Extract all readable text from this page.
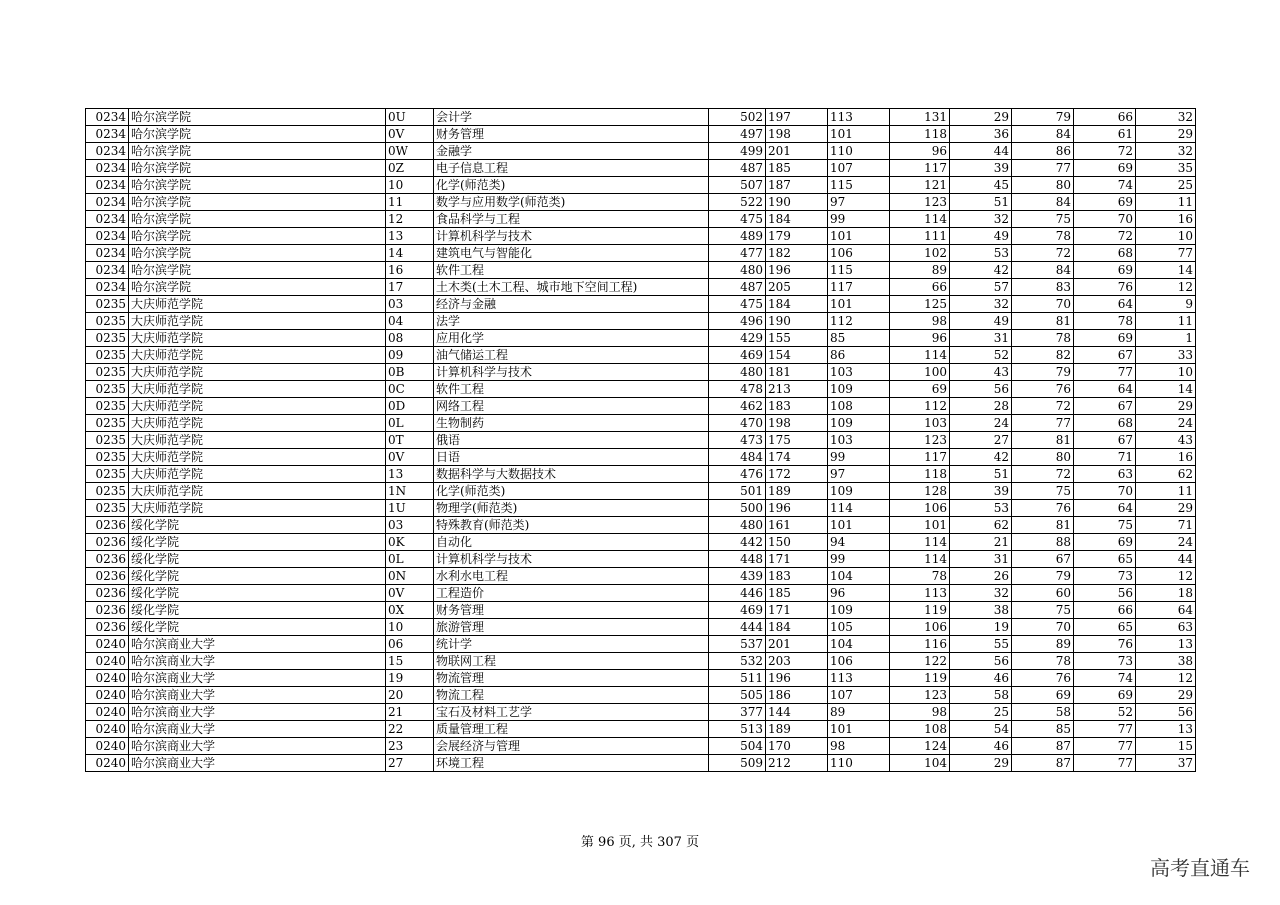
0234	哈尔滨学院	0U	会计学	502	197	113	131	29	79	66	32
0234	哈尔滨学院	0V	财务管理	497	198	101	118	36	84	61	29
0234	哈尔滨学院	0W	金融学	499	201	110	96	44	86	72	32
0234	哈尔滨学院	0Z	电子信息工程	487	185	107	117	39	77	69	35
0234	哈尔滨学院	10	化学(师范类)	507	187	115	121	45	80	74	25
0234	哈尔滨学院	11	数学与应用数学(师范类)	522	190	97	123	51	84	69	11
0234	哈尔滨学院	12	食品科学与工程	475	184	99	114	32	75	70	16
0234	哈尔滨学院	13	计算机科学与技术	489	179	101	111	49	78	72	10
0234	哈尔滨学院	14	建筑电气与智能化	477	182	106	102	53	72	68	77
0234	哈尔滨学院	16	软件工程	480	196	115	89	42	84	69	14
0234	哈尔滨学院	17	土木类(土木工程、城市地下空间工程)	487	205	117	66	57	83	76	12
0235	大庆师范学院	03	经济与金融	475	184	101	125	32	70	64	9
0235	大庆师范学院	04	法学	496	190	112	98	49	81	78	11
0235	大庆师范学院	08	应用化学	429	155	85	96	31	78	69	1
0235	大庆师范学院	09	油气储运工程	469	154	86	114	52	82	67	33
0235	大庆师范学院	0B	计算机科学与技术	480	181	103	100	43	79	77	10
0235	大庆师范学院	0C	软件工程	478	213	109	69	56	76	64	14
0235	大庆师范学院	0D	网络工程	462	183	108	112	28	72	67	29
0235	大庆师范学院	0L	生物制药	470	198	109	103	24	77	68	24
0235	大庆师范学院	0T	俄语	473	175	103	123	27	81	67	43
0235	大庆师范学院	0V	日语	484	174	99	117	42	80	71	16
0235	大庆师范学院	13	数据科学与大数据技术	476	172	97	118	51	72	63	62
0235	大庆师范学院	1N	化学(师范类)	501	189	109	128	39	75	70	11
0235	大庆师范学院	1U	物理学(师范类)	500	196	114	106	53	76	64	29
0236	绥化学院	03	特殊教育(师范类)	480	161	101	101	62	81	75	71
0236	绥化学院	0K	自动化	442	150	94	114	21	88	69	24
0236	绥化学院	0L	计算机科学与技术	448	171	99	114	31	67	65	44
0236	绥化学院	0N	水利水电工程	439	183	104	78	26	79	73	12
0236	绥化学院	0V	工程造价	446	185	96	113	32	60	56	18
0236	绥化学院	0X	财务管理	469	171	109	119	38	75	66	64
0236	绥化学院	10	旅游管理	444	184	105	106	19	70	65	63
0240	哈尔滨商业大学	06	统计学	537	201	104	116	55	89	76	13
0240	哈尔滨商业大学	15	物联网工程	532	203	106	122	56	78	73	38
0240	哈尔滨商业大学	19	物流管理	511	196	113	119	46	76	74	12
0240	哈尔滨商业大学	20	物流工程	505	186	107	123	58	69	69	29
0240	哈尔滨商业大学	21	宝石及材料工艺学	377	144	89	98	25	58	52	56
0240	哈尔滨商业大学	22	质量管理工程	513	189	101	108	54	85	77	13
0240	哈尔滨商业大学	23	会展经济与管理	504	170	98	124	46	87	77	15
0240	哈尔滨商业大学	27	环境工程	509	212	110	104	29	87	77	37
第 96 页, 共 307 页
高考直通车
